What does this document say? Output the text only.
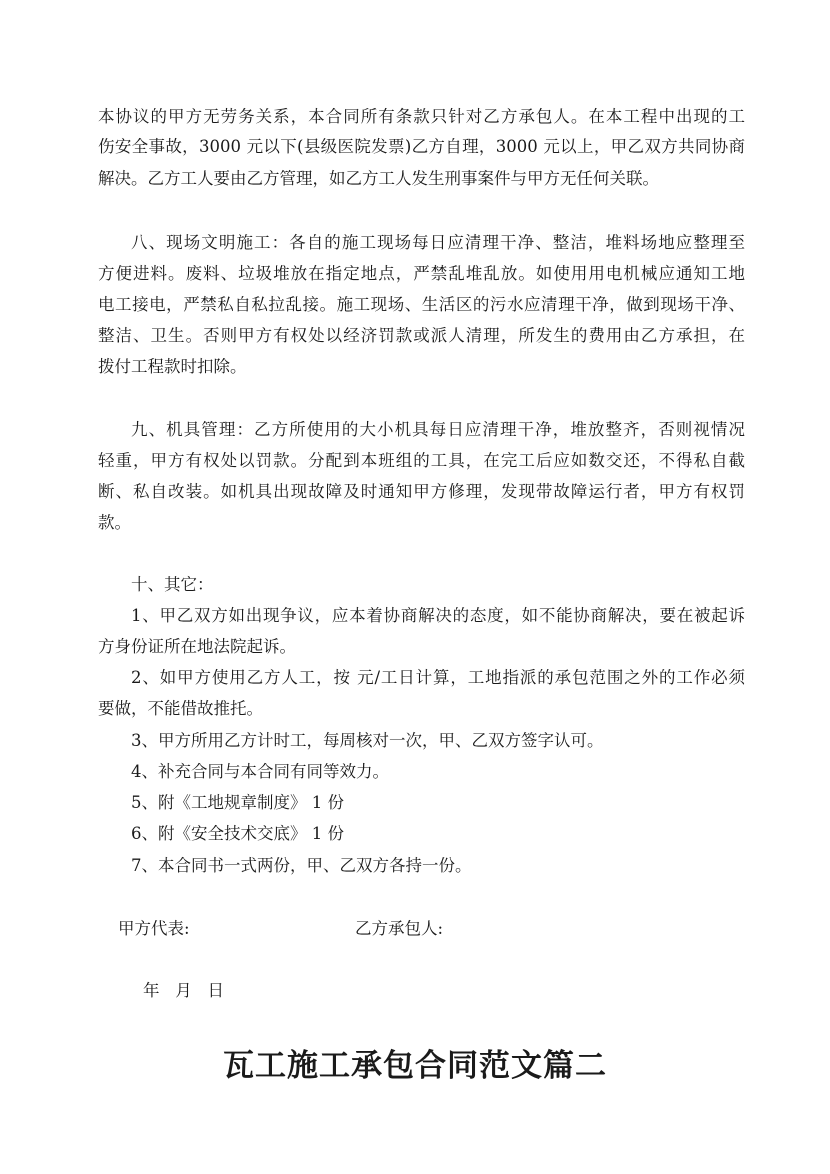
本协议的甲方无劳务关系，本合同所有条款只针对乙方承包人。在本工程中出现的工
伤安全事故，3000 元以下(县级医院发票)乙方自理，3000 元以上，甲乙双方共同协商
解决。乙方工人要由乙方管理，如乙方工人发生刑事案件与甲方无任何关联。
八、现场文明施工：各自的施工现场每日应清理干净、整洁，堆料场地应整理至
方便进料。废料、垃圾堆放在指定地点，严禁乱堆乱放。如使用用电机械应通知工地
电工接电，严禁私自私拉乱接。施工现场、生活区的污水应清理干净，做到现场干净、
整洁、卫生。否则甲方有权处以经济罚款或派人清理，所发生的费用由乙方承担，在
拨付工程款时扣除。
九、机具管理：乙方所使用的大小机具每日应清理干净，堆放整齐，否则视情况
轻重，甲方有权处以罚款。分配到本班组的工具，在完工后应如数交还，不得私自截
断、私自改装。如机具出现故障及时通知甲方修理，发现带故障运行者，甲方有权罚
款。
十、其它：
1、甲乙双方如出现争议，应本着协商解决的态度，如不能协商解决，要在被起诉
方身份证所在地法院起诉。
2、如甲方使用乙方人工，按 元/工日计算，工地指派的承包范围之外的工作必须
要做，不能借故推托。
3、甲方所用乙方计时工，每周核对一次，甲、乙双方签字认可。
4、补充合同与本合同有同等效力。
5、附《工地规章制度》 1 份
6、附《安全技术交底》 1 份
7、本合同书一式两份，甲、乙双方各持一份。
甲方代表:	乙方承包人:
年   月   日
瓦工施工承包合同范文篇二
